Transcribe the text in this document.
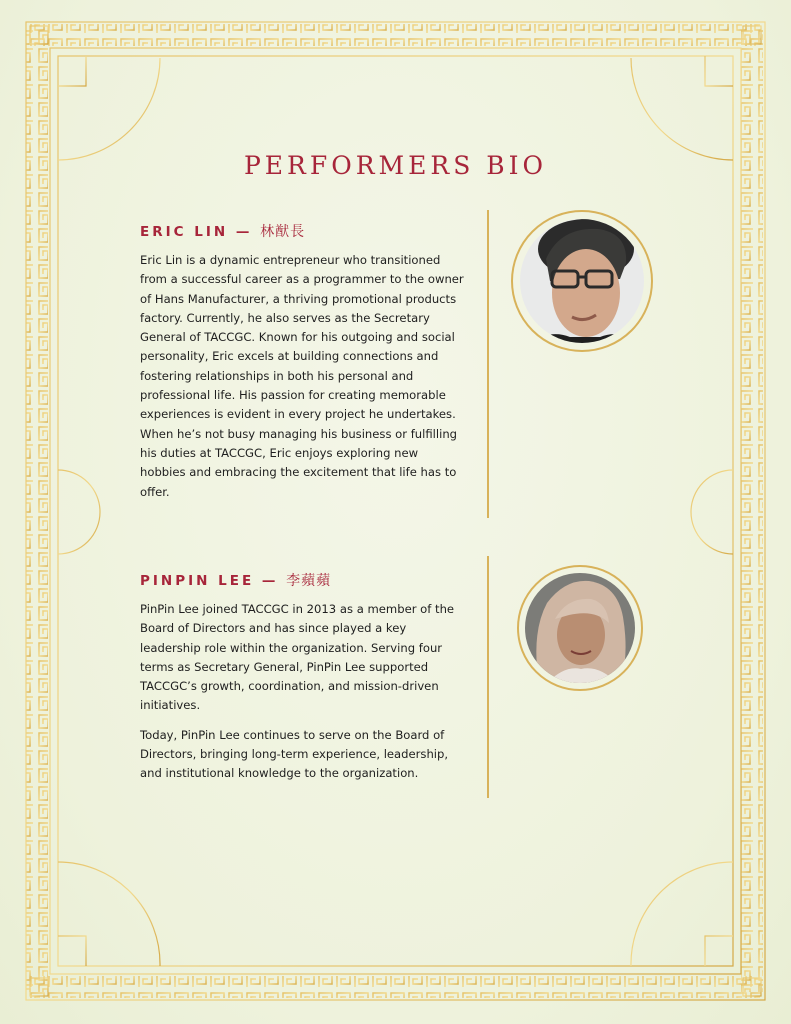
PERFORMERS BIO
ERIC LIN — 林猷長

Eric Lin is a dynamic entrepreneur who transitioned from a successful career as a programmer to the owner of Hans Manufacturer, a thriving promotional products factory. Currently, he also serves as the Secretary General of TACCGC. Known for his outgoing and social personality, Eric excels at building connections and fostering relationships in both his personal and professional life. His passion for creating memorable experiences is evident in every project he undertakes. When he’s not busy managing his business or fulfilling his duties at TACCGC, Eric enjoys exploring new hobbies and embracing the excitement that life has to offer.

PINPIN LEE — 李蘋蘋

PinPin Lee joined TACCGC in 2013 as a member of the Board of Directors and has since played a key leadership role within the organization. Serving four terms as Secretary General, PinPin Lee supported TACCGC’s growth, coordination, and mission-driven initiatives.

Today, PinPin Lee continues to serve on the Board of Directors, bringing long-term experience, leadership, and institutional knowledge to the organization.
